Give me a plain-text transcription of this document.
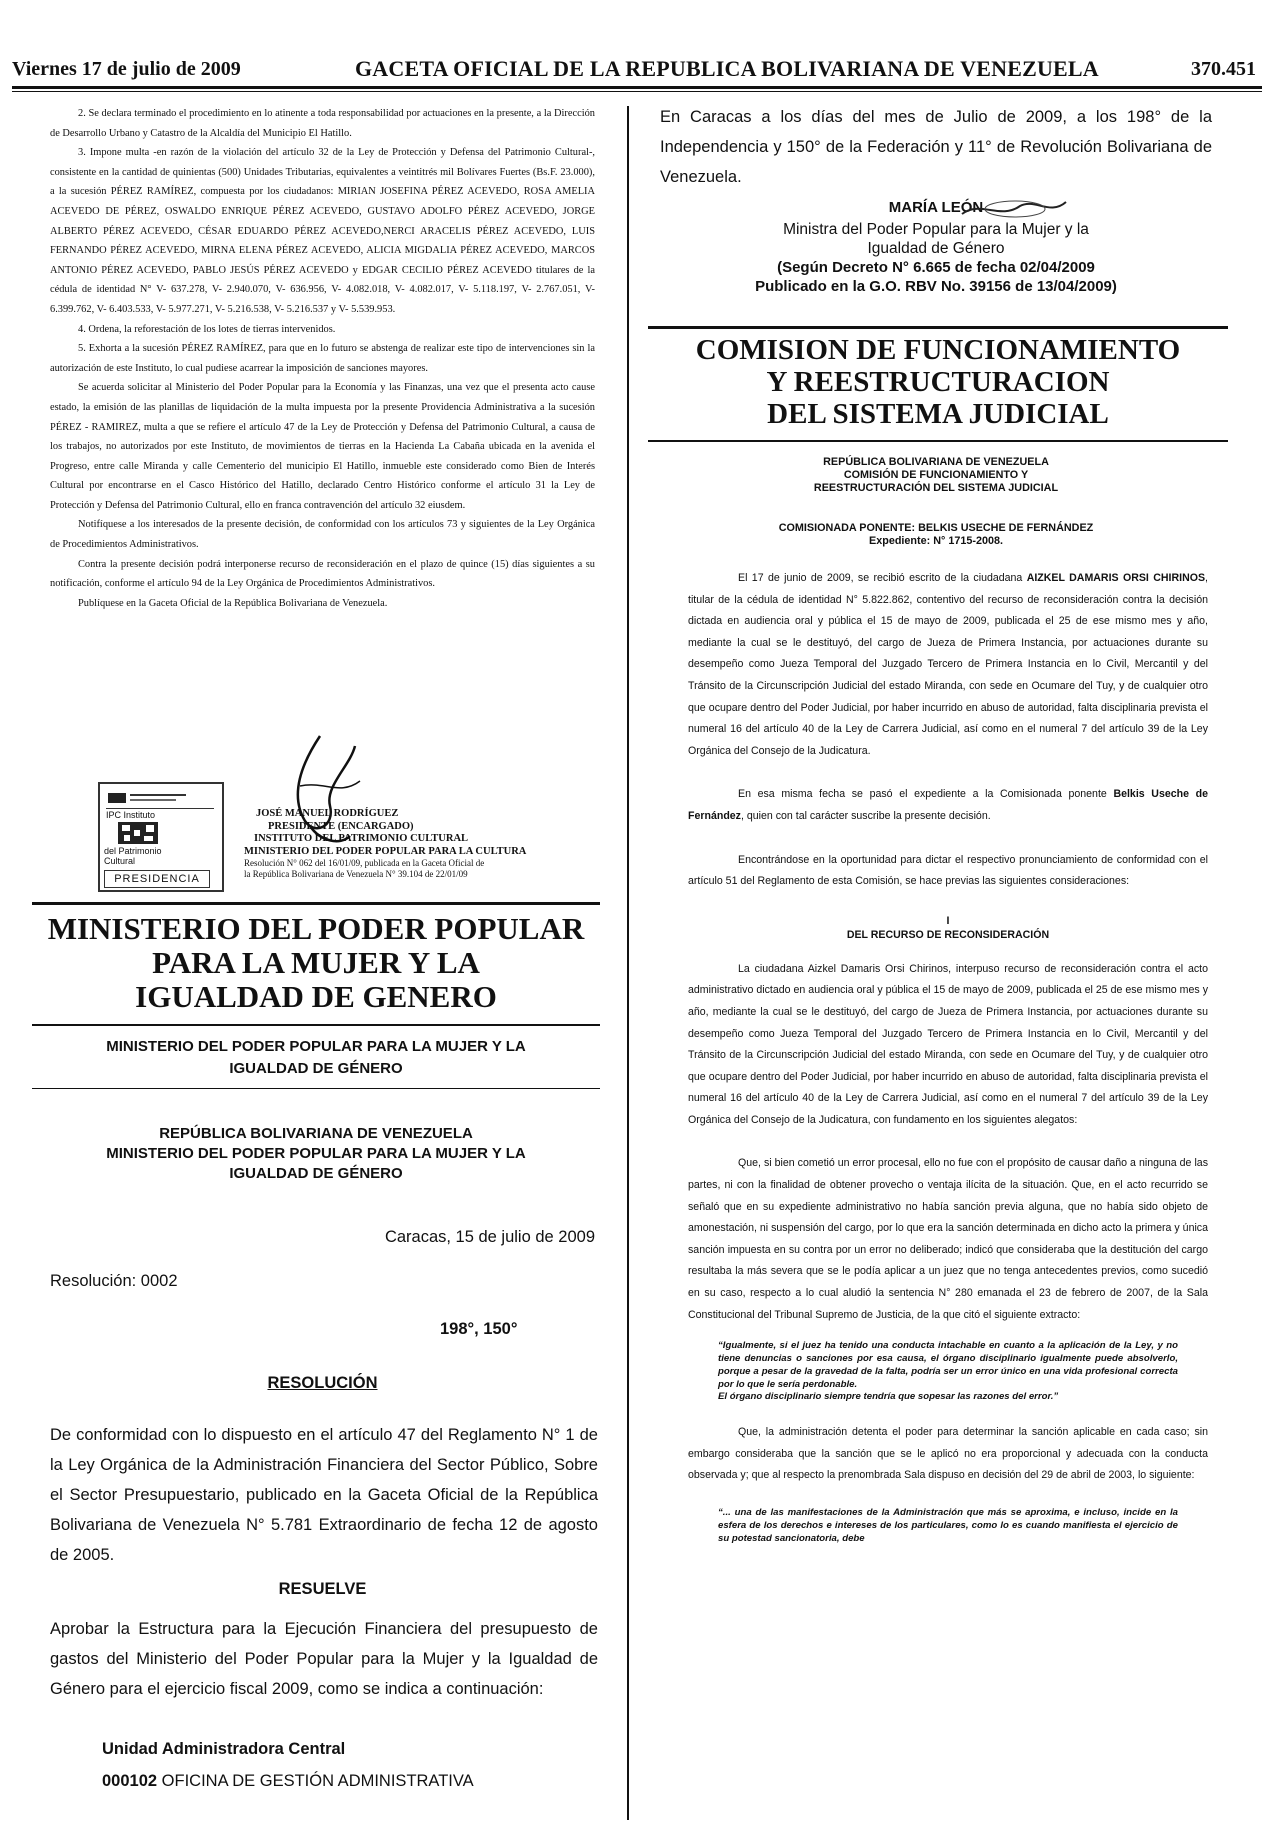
Viernes 17 de julio de 2009	GACETA OFICIAL DE LA REPUBLICA BOLIVARIANA DE VENEZUELA	370.451

2. Se declara terminado el procedimiento en lo atinente a toda responsabilidad por actuaciones en la presente, a la Dirección de Desarrollo Urbano y Catastro de la Alcaldía del Municipio El Hatillo.

3. Impone multa -en razón de la violación del artículo 32 de la Ley de Protección y Defensa del Patrimonio Cultural-, consistente en la cantidad de quinientas (500) Unidades Tributarias, equivalentes a veintitrés mil Bolívares Fuertes (Bs.F. 23.000), a la sucesión PÉREZ RAMÍREZ, compuesta por los ciudadanos: MIRIAN JOSEFINA PÉREZ ACEVEDO, ROSA AMELIA ACEVEDO DE PÉREZ, OSWALDO ENRIQUE PÉREZ ACEVEDO, GUSTAVO ADOLFO PÉREZ ACEVEDO, JORGE ALBERTO PÉREZ ACEVEDO, CÉSAR EDUARDO PÉREZ ACEVEDO,NERCI ARACELIS PÉREZ ACEVEDO, LUIS FERNANDO PÉREZ ACEVEDO, MIRNA ELENA PÉREZ ACEVEDO, ALICIA MIGDALIA PÉREZ ACEVEDO, MARCOS ANTONIO PÉREZ ACEVEDO, PABLO JESÚS PÉREZ ACEVEDO y EDGAR CECILIO PÉREZ ACEVEDO titulares de la cédula de identidad N° V- 637.278, V- 2.940.070, V- 636.956, V- 4.082.018, V- 4.082.017, V- 5.118.197, V- 2.767.051, V- 6.399.762, V- 6.403.533, V- 5.977.271, V- 5.216.538, V- 5.216.537 y V- 5.539.953.

4. Ordena, la reforestación de los lotes de tierras intervenidos.

5. Exhorta a la sucesión PÉREZ RAMÍREZ, para que en lo futuro se abstenga de realizar este tipo de intervenciones sin la autorización de este Instituto, lo cual pudiese acarrear la imposición de sanciones mayores.

Se acuerda solicitar al Ministerio del Poder Popular para la Economía y las Finanzas, una vez que el presenta acto cause estado, la emisión de las planillas de liquidación de la multa impuesta por la presente Providencia Administrativa a la sucesión PÉREZ - RAMIREZ, multa a que se refiere el artículo 47 de la Ley de Protección y Defensa del Patrimonio Cultural, a causa de los trabajos, no autorizados por este Instituto, de movimientos de tierras en la Hacienda La Cabaña ubicada en la avenida el Progreso, entre calle Miranda y calle Cementerio del municipio El Hatillo, inmueble este considerado como Bien de Interés Cultural por encontrarse en el Casco Histórico del Hatillo, declarado Centro Histórico conforme el artículo 31 la Ley de Protección y Defensa del Patrimonio Cultural, ello en franca contravención del artículo 32 eiusdem.

Notifíquese a los interesados de la presente decisión, de conformidad con los artículos 73 y siguientes de la Ley Orgánica de Procedimientos Administrativos.

Contra la presente decisión podrá interponerse recurso de reconsideración en el plazo de quince (15) días siguientes a su notificación, conforme el artículo 94 de la Ley Orgánica de Procedimientos Administrativos.

Publíquese en la Gaceta Oficial de la República Bolivariana de Venezuela.

IPC Instituto
del Patrimonio Cultural
PRESIDENCIA
JOSÉ MANUEL RODRÍGUEZ
PRESIDENTE (ENCARGADO)
INSTITUTO DEL PATRIMONIO CULTURAL
MINISTERIO DEL PODER POPULAR PARA LA CULTURA
Resolución N° 062 del 16/01/09, publicada en la Gaceta Oficial de
la República Bolivariana de Venezuela N° 39.104 de 22/01/09
MINISTERIO DEL PODER POPULAR
PARA LA MUJER Y LA
IGUALDAD DE GENERO
MINISTERIO DEL PODER POPULAR PARA LA MUJER Y LA
IGUALDAD DE GÉNERO
REPÚBLICA BOLIVARIANA DE VENEZUELA
MINISTERIO DEL PODER POPULAR PARA LA MUJER Y LA
IGUALDAD DE GÉNERO
Caracas, 15 de julio de 2009
Resolución: 0002
198°, 150°
RESOLUCIÓN
De conformidad con lo dispuesto en el artículo 47 del Reglamento N° 1 de la Ley Orgánica de la Administración Financiera del Sector Público, Sobre el Sector Presupuestario, publicado en la Gaceta Oficial de la República Bolivariana de Venezuela N° 5.781 Extraordinario de fecha 12 de agosto de 2005.
RESUELVE
Aprobar la Estructura para la Ejecución Financiera del presupuesto de gastos del Ministerio del Poder Popular para la Mujer y la Igualdad de Género para el ejercicio fiscal 2009, como se indica a continuación:
Unidad Administradora Central
000102 OFICINA DE GESTIÓN ADMINISTRATIVA
En Caracas a los días del mes de Julio de 2009, a los 198° de la Independencia y 150° de la Federación y 11° de Revolución Bolivariana de Venezuela.
MARÍA LEÓN
Ministra del Poder Popular para la Mujer y la
Igualdad de Género
(Según Decreto N° 6.665 de fecha 02/04/2009
Publicado en la G.O. RBV No. 39156 de 13/04/2009)
COMISION DE FUNCIONAMIENTO
Y REESTRUCTURACION
DEL SISTEMA JUDICIAL
REPÚBLICA BOLIVARIANA DE VENEZUELA
COMISIÓN DE FUNCIONAMIENTO Y
REESTRUCTURACIÓN DEL SISTEMA JUDICIAL
COMISIONADA PONENTE: BELKIS USECHE DE FERNÁNDEZ
Expediente: N° 1715-2008.

El 17 de junio de 2009, se recibió escrito de la ciudadana AIZKEL DAMARIS ORSI CHIRINOS, titular de la cédula de identidad N° 5.822.862, contentivo del recurso de reconsideración contra la decisión dictada en audiencia oral y pública el 15 de mayo de 2009, publicada el 25 de ese mismo mes y año, mediante la cual se le destituyó, del cargo de Jueza de Primera Instancia, por actuaciones durante su desempeño como Jueza Temporal del Juzgado Tercero de Primera Instancia en lo Civil, Mercantil y del Tránsito de la Circunscripción Judicial del estado Miranda, con sede en Ocumare del Tuy, y de cualquier otro que ocupare dentro del Poder Judicial, por haber incurrido en abuso de autoridad, falta disciplinaria prevista el numeral 16 del artículo 40 de la Ley de Carrera Judicial, así como en el numeral 7 del artículo 39 de la Ley Orgánica del Consejo de la Judicatura.

En esa misma fecha se pasó el expediente a la Comisionada ponente Belkis Useche de Fernández, quien con tal carácter suscribe la presente decisión.

Encontrándose en la oportunidad para dictar el respectivo pronunciamiento de conformidad con el artículo 51 del Reglamento de esta Comisión, se hace previas las siguientes consideraciones:

I
DEL RECURSO DE RECONSIDERACIÓN

La ciudadana Aizkel Damaris Orsi Chirinos, interpuso recurso de reconsideración contra el acto administrativo dictado en audiencia oral y pública el 15 de mayo de 2009, publicada el 25 de ese mismo mes y año, mediante la cual se le destituyó, del cargo de Jueza de Primera Instancia, por actuaciones durante su desempeño como Jueza Temporal del Juzgado Tercero de Primera Instancia en lo Civil, Mercantil y del Tránsito de la Circunscripción Judicial del estado Miranda, con sede en Ocumare del Tuy, y de cualquier otro que ocupare dentro del Poder Judicial, por haber incurrido en abuso de autoridad, falta disciplinaria prevista el numeral 16 del artículo 40 de la Ley de Carrera Judicial, así como en el numeral 7 del artículo 39 de la Ley Orgánica del Consejo de la Judicatura, con fundamento en los siguientes alegatos:

Que, si bien cometió un error procesal, ello no fue con el propósito de causar daño a ninguna de las partes, ni con la finalidad de obtener provecho o ventaja ilícita de la situación. Que, en el acto recurrido se señaló que en su expediente administrativo no había sanción previa alguna, que no había sido objeto de amonestación, ni suspensión del cargo, por lo que era la sanción determinada en dicho acto la primera y única sanción impuesta en su contra por un error no deliberado; indicó que consideraba que la destitución del cargo resultaba la más severa que se le podía aplicar a un juez que no tenga antecedentes previos, como sucedió en su caso, respecto a lo cual aludió la sentencia N° 280 emanada el 23 de febrero de 2007, de la Sala Constitucional del Tribunal Supremo de Justicia, de la que citó el siguiente extracto:

“Igualmente, si el juez ha tenido una conducta intachable en cuanto a la aplicación de la Ley, y no tiene denuncias o sanciones por esa causa, el órgano disciplinario igualmente puede absolverlo, porque a pesar de la gravedad de la falta, podría ser un error único en una vida profesional correcta por lo que le sería perdonable.
El órgano disciplinario siempre tendría que sopesar las razones del error.”

Que, la administración detenta el poder para determinar la sanción aplicable en cada caso; sin embargo consideraba que la sanción que se le aplicó no era proporcional y adecuada con la conducta observada y; que al respecto la prenombrada Sala dispuso en decisión del 29 de abril de 2003, lo siguiente:

“... una de las manifestaciones de la Administración que más se aproxima, e incluso, incide en la esfera de los derechos e intereses de los particulares, como lo es cuando manifiesta el ejercicio de su potestad sancionatoria, debe
